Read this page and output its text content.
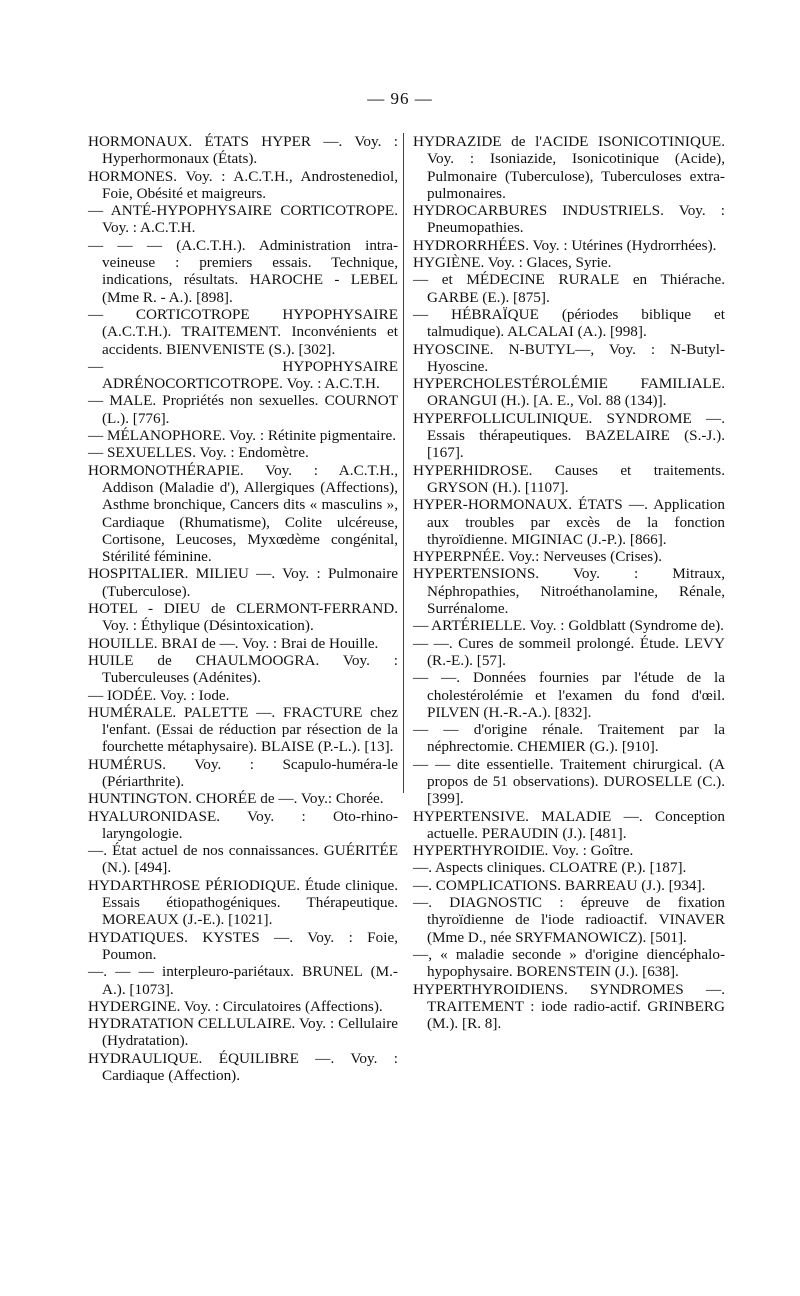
— 96 —

HORMONAUX. ÉTATS HYPER —. Voy. : Hyperhormonaux (États).

HORMONES. Voy. : A.C.T.H., Androstenediol, Foie, Obésité et maigreurs.

— ANTÉ-HYPOPHYSAIRE CORTICOTROPE. Voy. : A.C.T.H.

— — — (A.C.T.H.). Administration intra-veineuse : premiers essais. Technique, indications, résultats. HAROCHE - LEBEL (Mme R. - A.). [898].

— CORTICOTROPE HYPOPHYSAIRE (A.C.T.H.). TRAITEMENT. Inconvénients et accidents. BIENVENISTE (S.). [302].

— HYPOPHYSAIRE ADRÉNOCORTICOTROPE. Voy. : A.C.T.H.

— MALE. Propriétés non sexuelles. COURNOT (L.). [776].

— MÉLANOPHORE. Voy. : Rétinite pigmentaire.

— SEXUELLES. Voy. : Endomètre.

HORMONOTHÉRAPIE. Voy. : A.C.T.H., Addison (Maladie d'), Allergiques (Affections), Asthme bronchique, Cancers dits « masculins », Cardiaque (Rhumatisme), Colite ulcéreuse, Cortisone, Leucoses, Myxœdème congénital, Stérilité féminine.

HOSPITALIER. MILIEU —. Voy. : Pulmonaire (Tuberculose).

HOTEL - DIEU de CLERMONT-FERRAND. Voy. : Éthylique (Désintoxication).

HOUILLE. BRAI de —. Voy. : Brai de Houille.

HUILE de CHAULMOOGRA. Voy. : Tuberculeuses (Adénites).

— IODÉE. Voy. : Iode.

HUMÉRALE. PALETTE —. FRACTURE chez l'enfant. (Essai de réduction par résection de la fourchette métaphysaire). BLAISE (P.-L.). [13].

HUMÉRUS. Voy. : Scapulo-huméra-le (Périarthrite).

HUNTINGTON. CHORÉE de —. Voy.: Chorée.

HYALURONIDASE. Voy. : Oto-rhino-laryngologie.

—. État actuel de nos connaissances. GUÉRITÉE (N.). [494].

HYDARTHROSE PÉRIODIQUE. Étude clinique. Essais étiopathogéniques. Thérapeutique. MOREAUX (J.-E.). [1021].

HYDATIQUES. KYSTES —. Voy. : Foie, Poumon.

—. — — interpleuro-pariétaux. BRUNEL (M.-A.). [1073].

HYDERGINE. Voy. : Circulatoires (Affections).

HYDRATATION CELLULAIRE. Voy. : Cellulaire (Hydratation).

HYDRAULIQUE. ÉQUILIBRE —. Voy. : Cardiaque (Affection).

HYDRAZIDE de l'ACIDE ISONICOTINIQUE. Voy. : Isoniazide, Isonicotinique (Acide), Pulmonaire (Tuberculose), Tuberculoses extra-pulmonaires.

HYDROCARBURES INDUSTRIELS. Voy. : Pneumopathies.

HYDRORRHÉES. Voy. : Utérines (Hydrorrhées).

HYGIÈNE. Voy. : Glaces, Syrie.

— et MÉDECINE RURALE en Thiérache. GARBE (E.). [875].

— HÉBRAÏQUE (périodes biblique et talmudique). ALCALAI (A.). [998].

HYOSCINE. N-BUTYL—, Voy. : N-Butyl-Hyoscine.

HYPERCHOLESTÉROLÉMIE FAMILIALE. ORANGUI (H.). [A. E., Vol. 88 (134)].

HYPERFOLLICULINIQUE. SYNDROME —. Essais thérapeutiques. BAZELAIRE (S.-J.). [167].

HYPERHIDROSE. Causes et traitements. GRYSON (H.). [1107].

HYPER-HORMONAUX. ÉTATS —. Application aux troubles par excès de la fonction thyroïdienne. MIGINIAC (J.-P.). [866].

HYPERPNÉE. Voy.: Nerveuses (Crises).

HYPERTENSIONS. Voy. : Mitraux, Néphropathies, Nitroéthanolamine, Rénale, Surrénalome.

— ARTÉRIELLE. Voy. : Goldblatt (Syndrome de).

— —. Cures de sommeil prolongé. Étude. LEVY (R.-E.). [57].

— —. Données fournies par l'étude de la cholestérolémie et l'examen du fond d'œil. PILVEN (H.-R.-A.). [832].

— — d'origine rénale. Traitement par la néphrectomie. CHEMIER (G.). [910].

— — dite essentielle. Traitement chirurgical. (A propos de 51 observations). DUROSELLE (C.). [399].

HYPERTENSIVE. MALADIE —. Conception actuelle. PERAUDIN (J.). [481].

HYPERTHYROIDIE. Voy. : Goître.

—. Aspects cliniques. CLOATRE (P.). [187].

—. COMPLICATIONS. BARREAU (J.). [934].

—. DIAGNOSTIC : épreuve de fixation thyroïdienne de l'iode radioactif. VINAVER (Mme D., née SRYFMANOWICZ). [501].

—, « maladie seconde » d'origine diencéphalo-hypophysaire. BORENSTEIN (J.). [638].

HYPERTHYROIDIENS. SYNDROMES —. TRAITEMENT : iode radio-actif. GRINBERG (M.). [R. 8].
